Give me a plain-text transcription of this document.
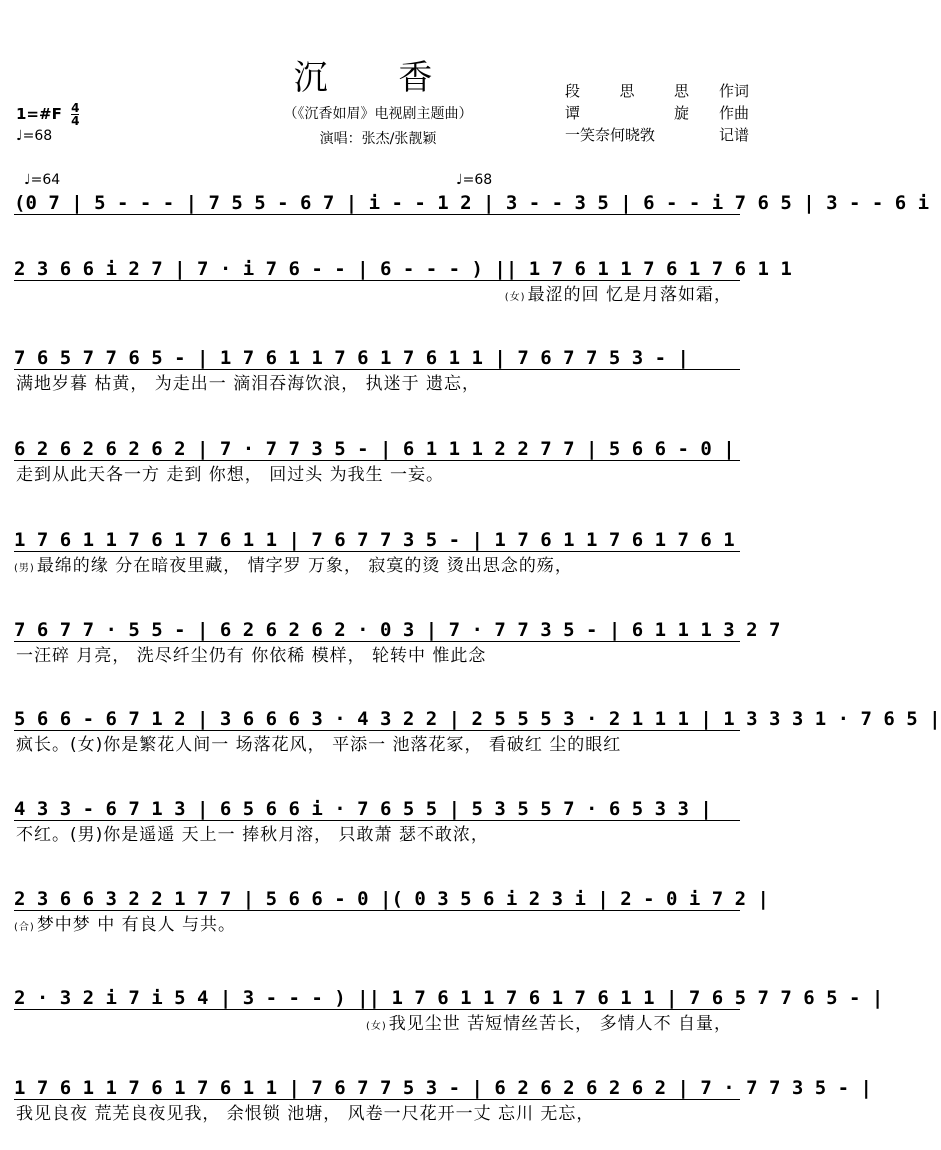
沉 香
（《沉香如眉》电视剧主题曲）
演唱：张杰/张靓颖
1=#F $\frac{4}{4}$
♩=68
段	思	思	作词
谭	旋	作曲
一笑奈何晓敩	记谱
♩=64	♩=68
(0 7 | 5 - - - | 7 5 5 - 6 7 | i - - 1 2 | 3 - - 3 5 | 6 - - i 7 6 5 | 3 - - 6 i
2 3 6 6 i 2 7 | 7 · i 7 6 - - | 6 - - - ) || 1 7 6 1 1 7 6 1 7 6 1 1
(女) 最涩的回 忆是月落如霜，
7 6 5 7 7 6 5 - | 1 7 6 1 1 7 6 1 7 6 1 1 | 7 6 7 7 5 3 - |
满地岁暮 枯黄， 为走出一 滴泪吞海饮浪， 执迷于 遗忘，
6 2 6 2 6 2 6 2 | 7 · 7 7 3 5 - | 6 1 1 1 2 2 7 7 | 5 6 6 - 0 |
走到从此天各一方 走到 你想， 回过头 为我生 一妄。
1 7 6 1 1 7 6 1 7 6 1 1 | 7 6 7 7 3 5 - | 1 7 6 1 1 7 6 1 7 6 1
(男) 最绵的缘 分在暗夜里藏， 情字罗 万象， 寂寞的烫 烫出思念的殇，
7 6 7 7 · 5 5 - | 6 2 6 2 6 2 · 0 3 | 7 · 7 7 3 5 - | 6 1 1 1 3 2 7
一汪碎 月亮， 洗尽纤尘仍有 你依稀 模样， 轮转中 惟此念
5 6 6 - 6 7 1 2 | 3 6 6 6 3 · 4 3 2 2 | 2 5 5 5 3 · 2 1 1 1 | 1 3 3 3 1 · 7 6 5 |
疯长。(女)你是繁花人间一 场落花风， 平添一 池落花冢， 看破红 尘的眼红
4 3 3 - 6 7 1 3 | 6 5 6 6 i · 7 6 5 5 | 5 3 5 5 7 · 6 5 3 3 |
不红。(男)你是遥遥 天上一 捧秋月溶， 只敢萧 瑟不敢浓，
2 3 6 6 3 2 2 1 7 7 | 5 6 6 - 0 |( 0 3 5 6 i 2 3 i | 2 - 0 i 7 2 |
(合) 梦中梦 中 有良人 与共。
2 · 3 2 i 7 i 5 4 | 3 - - - ) || 1 7 6 1 1 7 6 1 7 6 1 1 | 7 6 5 7 7 6 5 - |
(女) 我见尘世 苦短情丝苦长， 多情人不 自量，
1 7 6 1 1 7 6 1 7 6 1 1 | 7 6 7 7 5 3 - | 6 2 6 2 6 2 6 2 | 7 · 7 7 3 5 - |
我见良夜 荒芜良夜见我， 余恨锁 池塘， 风卷一尺花开一丈 忘川 无忘，
